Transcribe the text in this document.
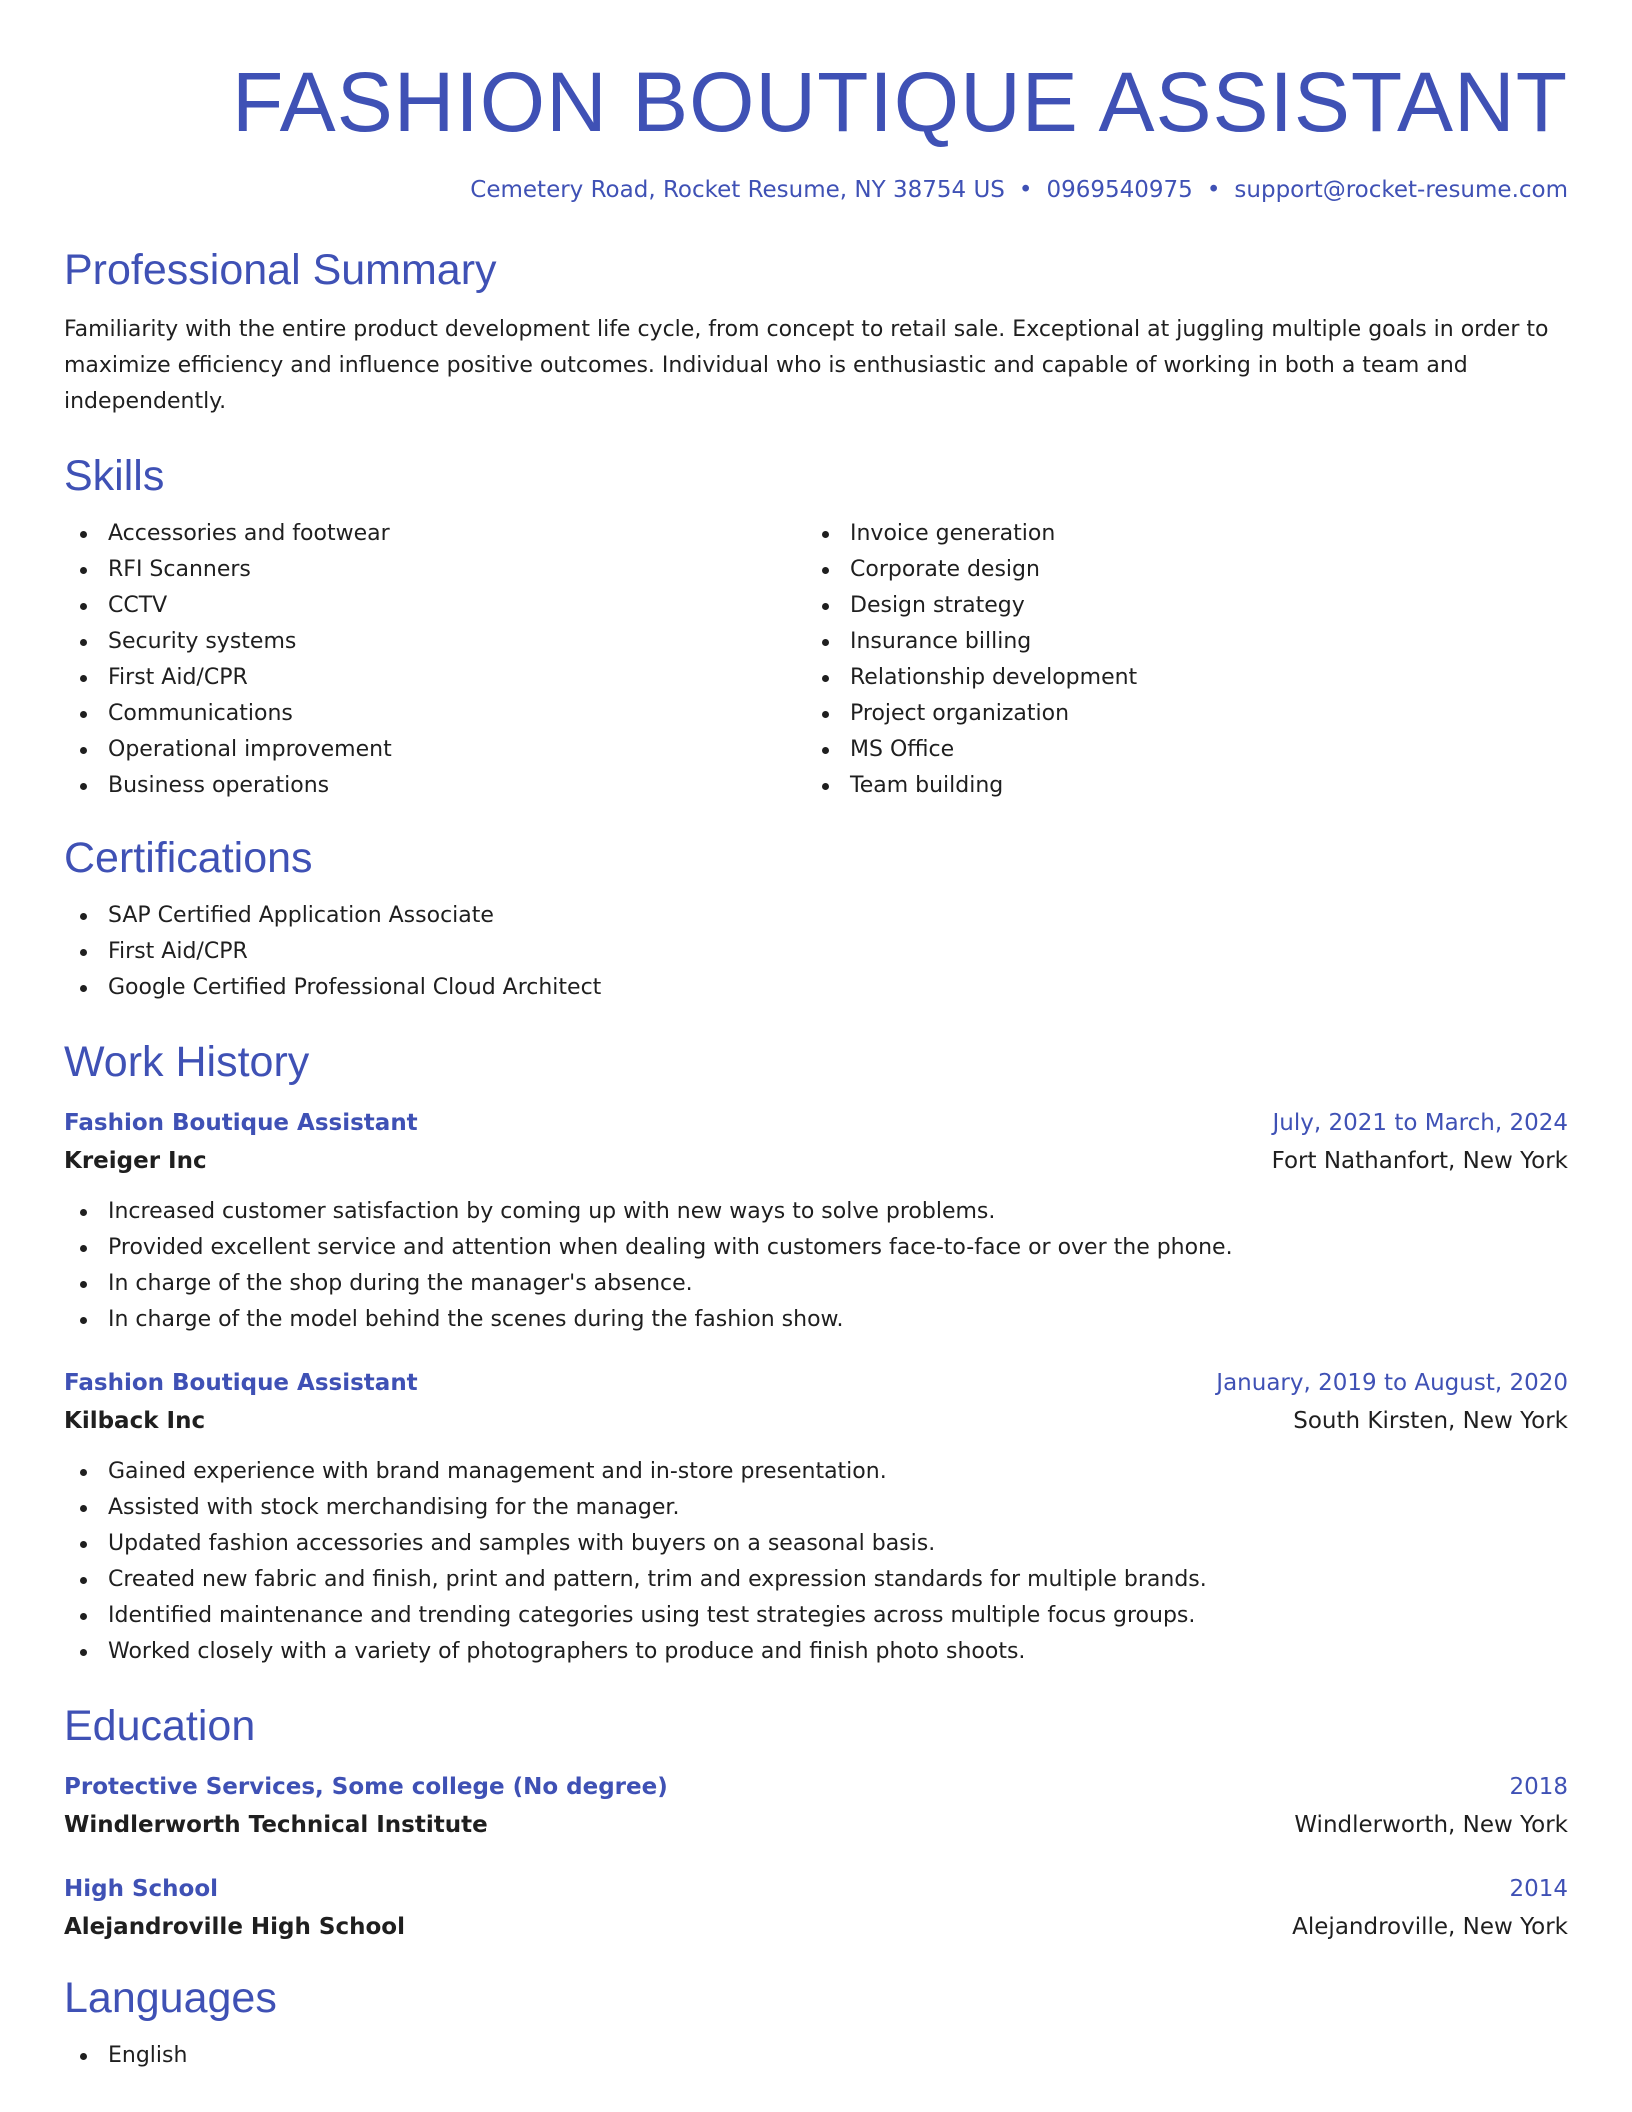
FASHION BOUTIQUE ASSISTANT
Cemetery Road, Rocket Resume, NY 38754 US • 0969540975 • support@rocket-resume.com
Professional Summary

Familiarity with the entire product development life cycle, from concept to retail sale. Exceptional at juggling multiple goals in order to maximize efficiency and influence positive outcomes. Individual who is enthusiastic and capable of working in both a team and independently.

Skills
Accessories and footwear
RFI Scanners
CCTV
Security systems
First Aid/CPR
Communications
Operational improvement
Business operations
Invoice generation
Corporate design
Design strategy
Insurance billing
Relationship development
Project organization
MS Office
Team building
Certifications
SAP Certified Application Associate
First Aid/CPR
Google Certified Professional Cloud Architect
Work History
Fashion Boutique Assistant	July, 2021 to March, 2024
Kreiger Inc	Fort Nathanfort, New York
Increased customer satisfaction by coming up with new ways to solve problems.
Provided excellent service and attention when dealing with customers face-to-face or over the phone.
In charge of the shop during the manager's absence.
In charge of the model behind the scenes during the fashion show.
Fashion Boutique Assistant	January, 2019 to August, 2020
Kilback Inc	South Kirsten, New York
Gained experience with brand management and in-store presentation.
Assisted with stock merchandising for the manager.
Updated fashion accessories and samples with buyers on a seasonal basis.
Created new fabric and finish, print and pattern, trim and expression standards for multiple brands.
Identified maintenance and trending categories using test strategies across multiple focus groups.
Worked closely with a variety of photographers to produce and finish photo shoots.
Education
Protective Services, Some college (No degree)	2018
Windlerworth Technical Institute	Windlerworth, New York
High School	2014
Alejandroville High School	Alejandroville, New York
Languages
English
